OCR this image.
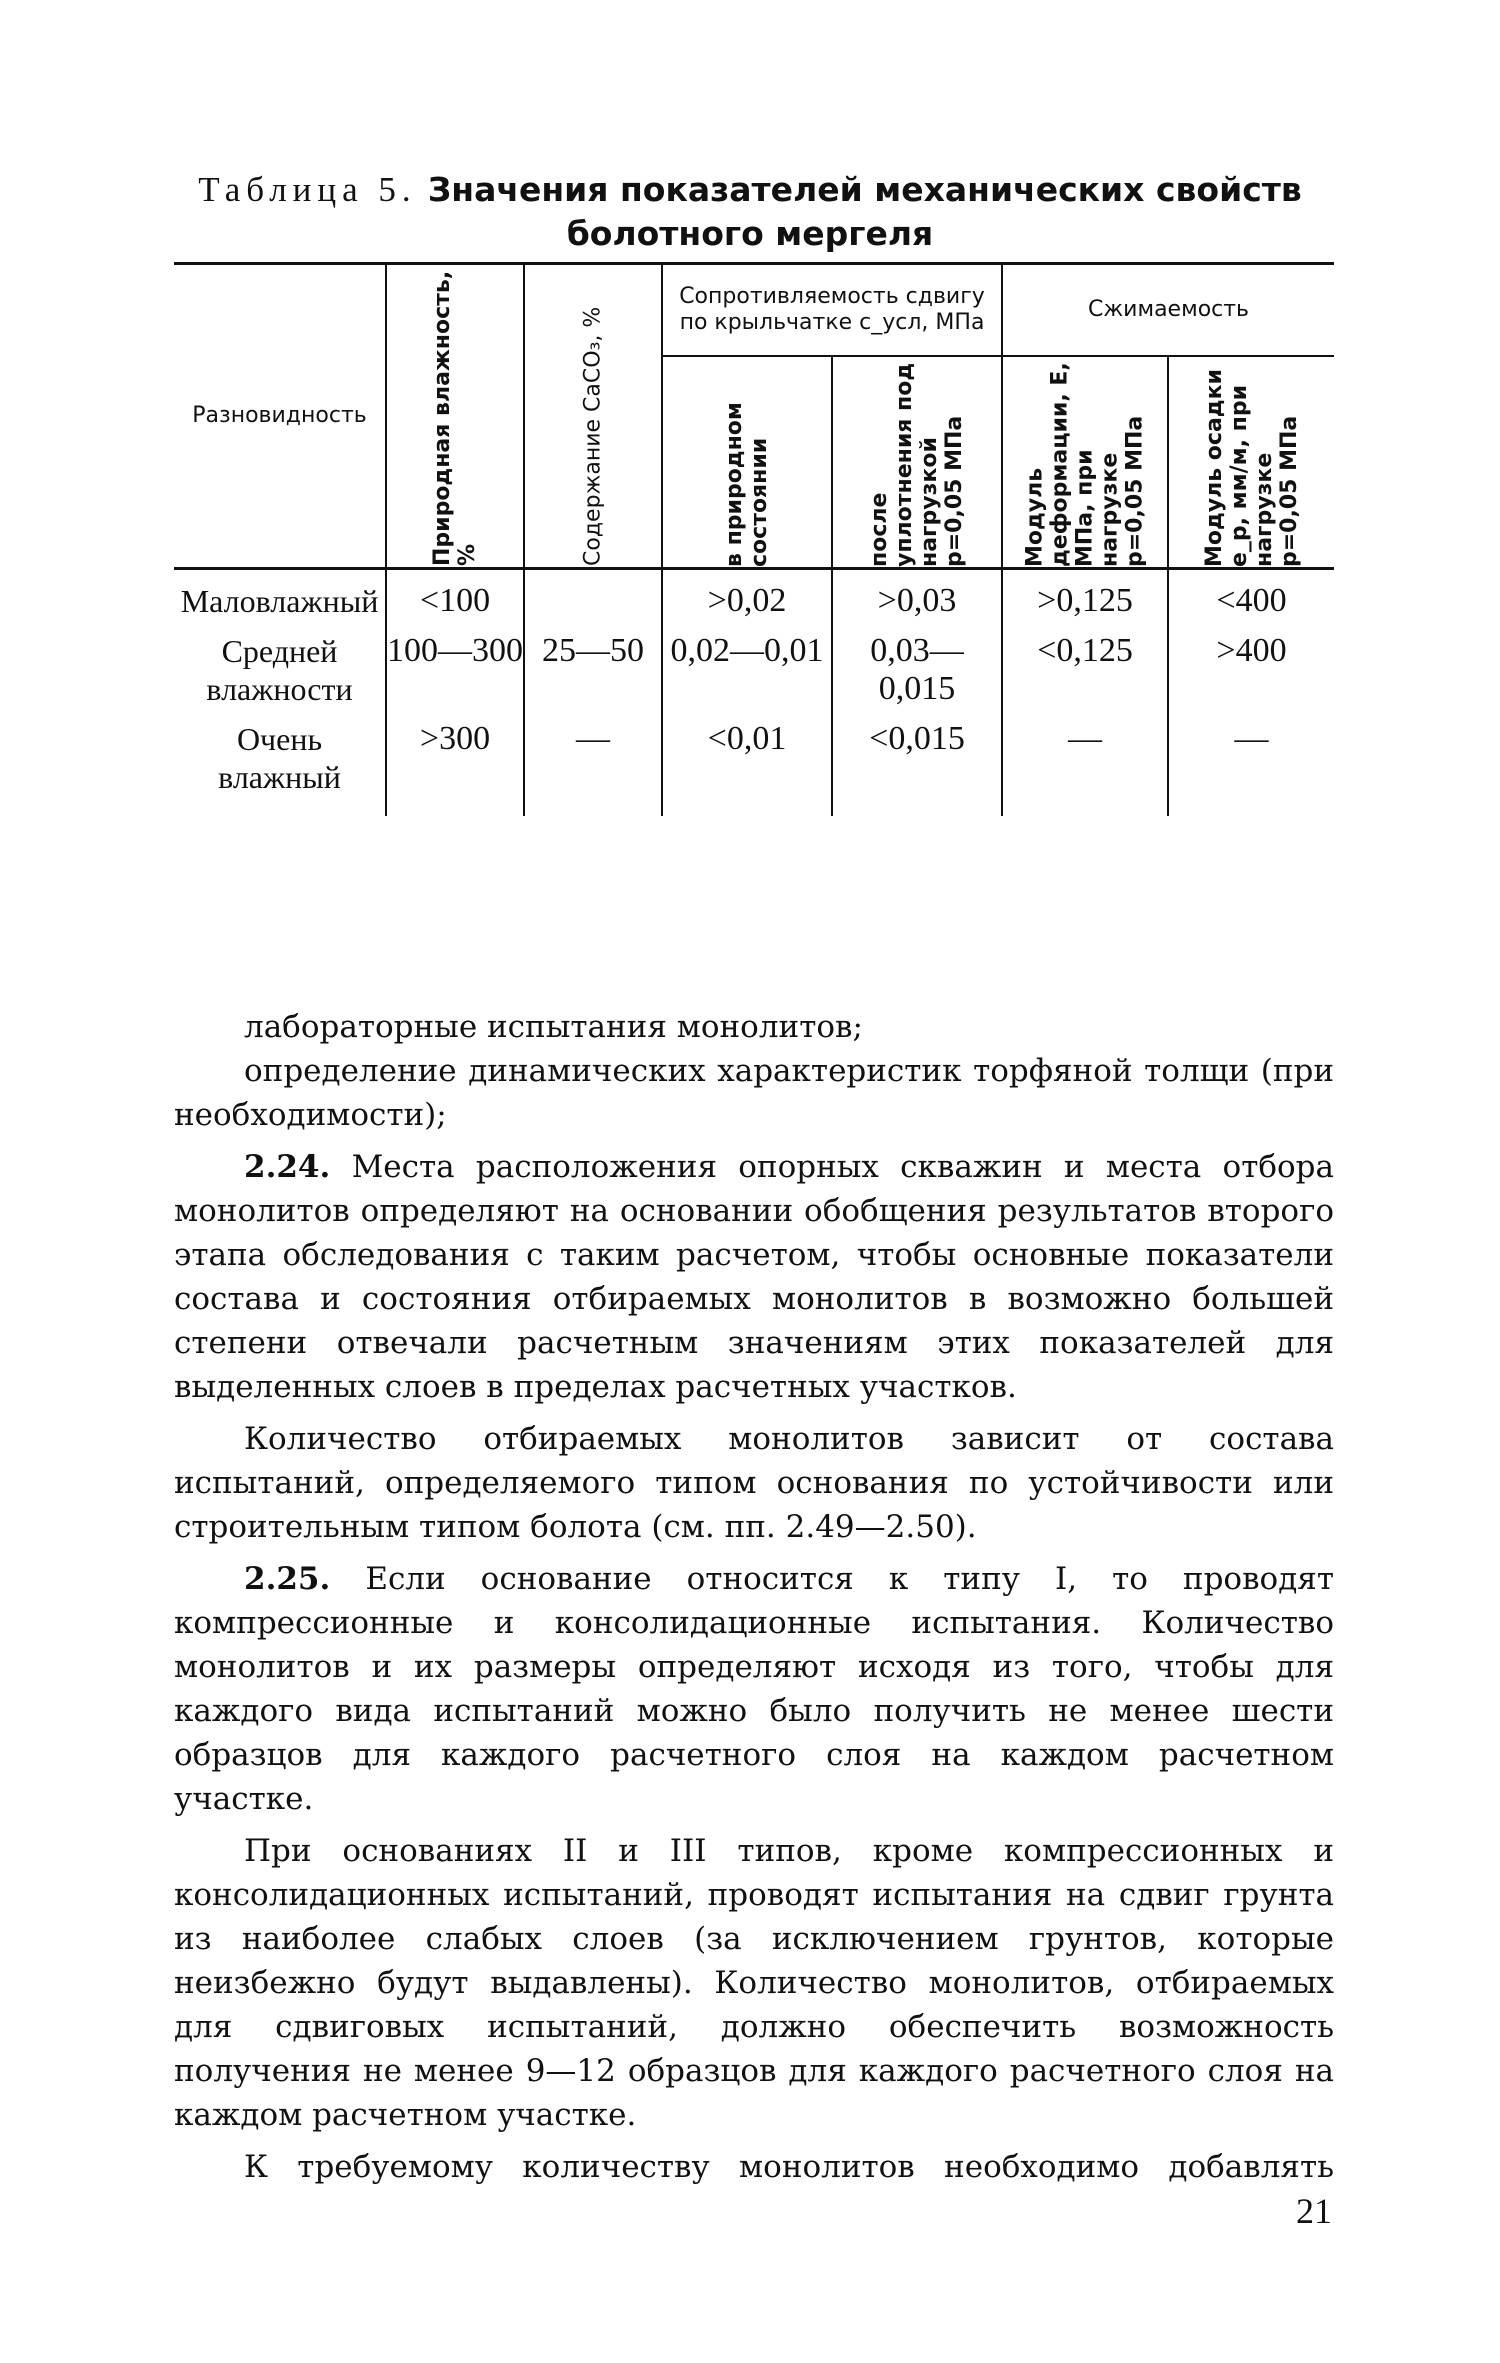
Таблица 5. Значения показателей механических свойств болотного мергеля
Разновидность	Природная влажность, %	Содержание CaCO₃, %	Сопротивляемость сдвигу по крыльчатке c_усл, МПа		Сжимаемость	

			в природном состоянии	после уплотнения под нагрузкой p=0,05 МПа	Модуль деформации, E, МПа, при нагрузке p=0,05 МПа	Модуль осадки e_p, мм/м, при нагрузке p=0,05 МПа

Маловлажный	<100		>0,02	>0,03	>0,125	<400
Средней влажности	100—300	25—50	0,02—0,01	0,03—0,015	<0,125	>400
Очень влажный	>300	—	<0,01	<0,015	—	—

лабораторные испытания монолитов;

определение динамических характеристик торфяной толщи (при необходимости);

2.24. Места расположения опорных скважин и места отбора монолитов определяют на основании обобщения результатов второго этапа обследования с таким расчетом, чтобы основные показатели состава и состояния отбираемых монолитов в возможно большей степени отвечали расчетным значениям этих показателей для выделенных слоев в пределах расчетных участков.

Количество отбираемых монолитов зависит от состава испытаний, определяемого типом основания по устойчивости или строительным типом болота (см. пп. 2.49—2.50).

2.25. Если основание относится к типу I, то проводят компрессионные и консолидационные испытания. Количество монолитов и их размеры определяют исходя из того, чтобы для каждого вида испытаний можно было получить не менее шести образцов для каждого расчетного слоя на каждом расчетном участке.

При основаниях II и III типов, кроме компрессионных и консолидационных испытаний, проводят испытания на сдвиг грунта из наиболее слабых слоев (за исключением грунтов, которые неизбежно будут выдавлены). Количество монолитов, отбираемых для сдвиговых испытаний, должно обеспечить возможность получения не менее 9—12 образцов для каждого расчетного слоя на каждом расчетном участке.

К требуемому количеству монолитов необходимо добавлять

21
